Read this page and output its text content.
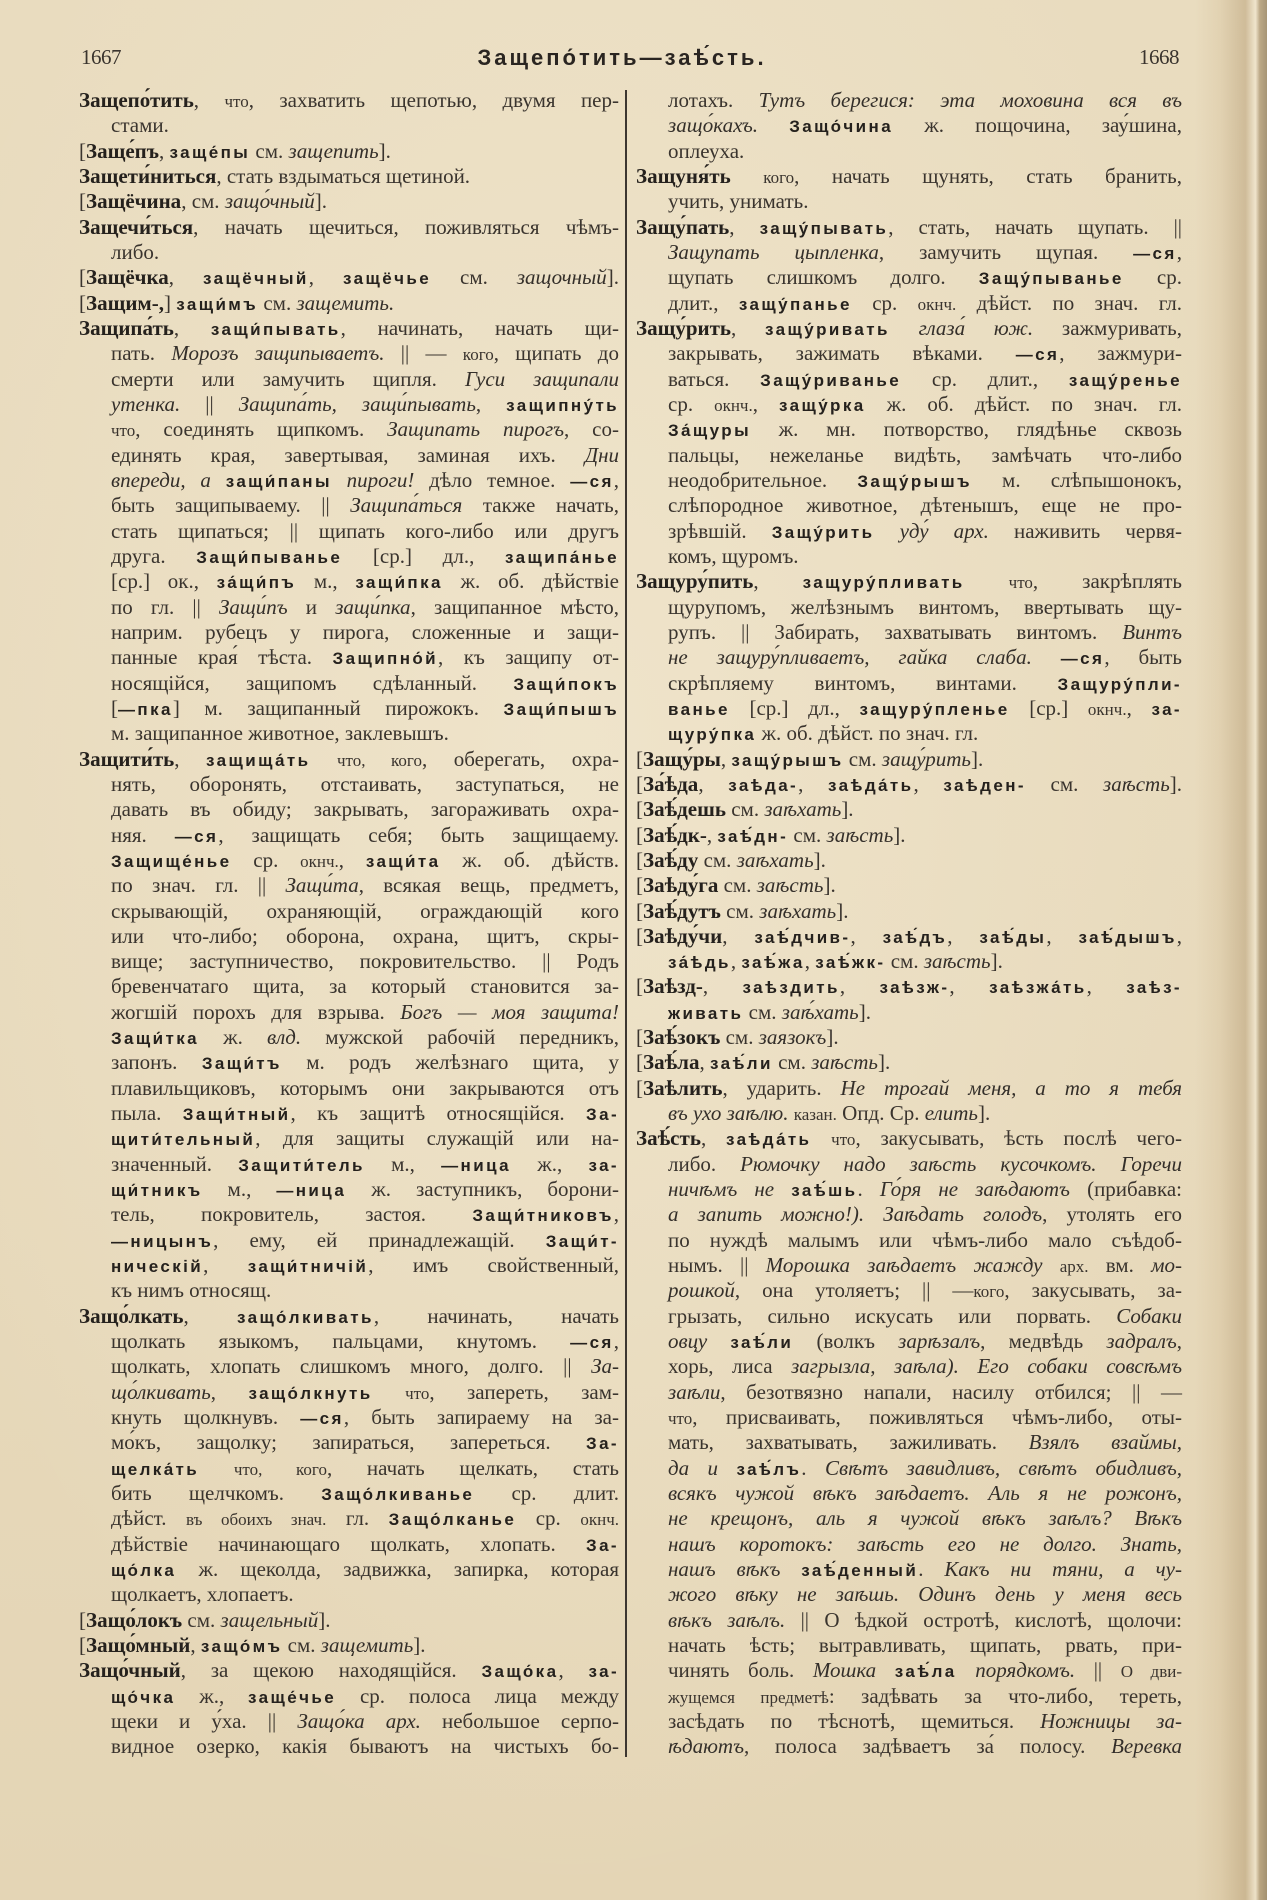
1667	Защепо́тить—заѣ́сть.	1668
Защепо́тить, что, захватить щепотью, двумя пер-
стами.
[Заще́пъ, заще́пы см. защепить].
Защети́ниться, стать вздыматься щетиной.
[Защёчина, см. защо́чный].
Защечи́ться, начать щечиться, поживляться чѣмъ-
либо.
[Защёчка, защёчный, защёчье см. защочный].
[Защим-,] защи́мъ см. защемить.
Защипа́ть, защи́пывать, начинать, начать щи-
пать. Морозъ защипываетъ. || — кого, щипать до
смерти или замучить щипля. Гуси защипали
утенка. || Защипа́ть, защи́пывать, защипну́ть
что, соединять щипкомъ. Защипать пирогъ, со-
единять края, завертывая, заминая ихъ. Дни
впереди, а защи́паны пироги! дѣло темное. —ся,
быть защипываему. || Защипа́ться также начать,
стать щипаться; || щипать кого-либо или другъ
друга. Защи́пыванье [ср.] дл., защипа́нье
[ср.] ок., за́щи́пъ м., защи́пка ж. об. дѣйствіе
по гл. || Защи́пъ и защи́пка, защипанное мѣсто,
наприм. рубецъ у пирога, сложенные и защи-
панные края́ тѣста. Защипно́й, къ защипу от-
носящійся, защипомъ сдѣланный. Защи́покъ
[—пка] м. защипанный пирожокъ. Защи́пышъ
м. защипанное животное, заклевышъ.
Защити́ть, защища́ть что, кого, оберегать, охра-
нять, оборонять, отстаивать, заступаться, не
давать въ обиду; закрывать, загораживать охра-
няя. —ся, защищать себя; быть защищаему.
Защище́нье ср. окнч., защи́та ж. об. дѣйств.
по знач. гл. || Защи́та, всякая вещь, предметъ,
скрывающій, охраняющій, ограждающій кого
или что-либо; оборона, охрана, щитъ, скры-
вище; заступничество, покровительство. || Родъ
бревенчатаго щита, за который становится за-
жогшій порохъ для взрыва. Богъ — моя защита!
Защи́тка ж. влд. мужской рабочій передникъ,
запонъ. Защи́тъ м. родъ желѣзнаго щита, у
плавильщиковъ, которымъ они закрываются отъ
пыла. Защи́тный, къ защитѣ относящійся. За-
щити́тельный, для защиты служащій или на-
значенный. Защити́тель м., —ница ж., за-
щи́тникъ м., —ница ж. заступникъ, борони-
тель, покровитель, застоя. Защи́тниковъ,
—ницынъ, ему, ей принадлежащій. Защи́т-
ническій, защи́тничій, имъ свойственный,
къ нимъ относящ.
Защо́лкать, защо́лкивать, начинать, начать
щолкать языкомъ, пальцами, кнутомъ. —ся,
щолкать, хлопать слишкомъ много, долго. || За-
що́лкивать, защо́лкнуть что, запереть, зам-
кнуть щолкнувъ. —ся, быть запираему на за-
мо́къ, защолку; запираться, запереться. За-
щелка́ть что, кого, начать щелкать, стать
бить щелчкомъ. Защо́лкиванье ср. длит.
дѣйст. въ обоихъ знач. гл. Защо́лканье ср. окнч.
дѣйствіе начинающаго щолкать, хлопать. За-
що́лка ж. щеколда, задвижка, запирка, которая
щолкаетъ, хлопаетъ.
[Защо́локъ см. защельный].
[Защо́мный, защо́мъ см. защемить].
Защо́чный, за щекою находящійся. Защо́ка, за-
що́чка ж., заще́чье ср. полоса лица между
щеки и у́ха. || Защо́ка арх. небольшое серпо-
видное озерко, какія бываютъ на чистыхъ бо-
лотахъ. Тутъ берегися: эта моховина вся въ
защо́кахъ. Защо́чина ж. пощочина, зау́шина,
оплеуха.
Защуня́ть кого, начать щунять, стать бранить,
учить, унимать.
Защу́пать, защу́пывать, стать, начать щупать. ||
Защупать цыпленка, замучить щупая. —ся,
щупать слишкомъ долго. Защу́пыванье ср.
длит., защу́панье ср. окнч. дѣйст. по знач. гл.
Защу́рить, защу́ривать глаза́ юж. зажмуривать,
закрывать, зажимать вѣками. —ся, зажмури-
ваться. Защу́риванье ср. длит., защу́ренье
ср. окнч., защу́рка ж. об. дѣйст. по знач. гл.
За́щуры ж. мн. потворство, глядѣнье сквозь
пальцы, нежеланье видѣть, замѣчать что-либо
неодобрительное. Защу́рышъ м. слѣпышонокъ,
слѣпородное животное, дѣтенышъ, еще не про-
зрѣвшій. Защу́рить уду́ арх. наживить червя-
комъ, щуромъ.
Защуру́пить, защуру́пливать	что, закрѣплять
щурупомъ, желѣзнымъ винтомъ, ввертывать щу-
рупъ. || Забирать, захватывать винтомъ. Винтъ
не защуру́пливаетъ, гайка слаба. —ся, быть
скрѣпляему винтомъ, винтами. Защуру́пли-
ванье [ср.] дл., защуру́пленье [ср.] окнч., за-
щуру́пка ж. об. дѣйст. по знач. гл.
[Защу́ры, защу́рышъ см. защу́рить].
[За́ѣда, заѣда-, заѣда́ть, заѣден- см. заѣсть].
[Заѣ́дешь см. заѣхать].
[Заѣ́дк-, заѣ́дн- см. заѣсть].
[Заѣ́ду см. заѣхать].
[Заѣду́га см. заѣсть].
[Заѣ́дутъ см. заѣхать].
[Заѣду́чи, заѣ́дчив-, заѣ́дъ, заѣ́ды, заѣ́дышъ,
за́ѣдь, заѣ́жа, заѣ́жк- см. заѣсть].
[Заѣзд-, заѣздить, заѣзж-, заѣзжа́ть, заѣз-
живать см. заѣ́хать].
[Заѣ́зокъ см. заязокъ].
[Заѣ́ла, заѣ́ли см. заѣсть].
[Заѣлить, ударить. Не трогай меня, а то я тебя
въ ухо заѣлю. казан. Опд. Ср. елить].
Заѣ́сть, заѣда́ть что, закусывать, ѣсть послѣ чего-
либо. Рюмочку надо заѣсть кусочкомъ. Горечи
ничѣмъ не заѣ́шь. Го́ря не заѣдаютъ (прибавка:
а запить можно!). Заѣдать голодъ, утолять его
по нуждѣ малымъ или чѣмъ-либо мало съѣдоб-
нымъ. || Морошка заѣдаетъ жажду арх. вм. мо-
рошкой, она утоляетъ; || —кого, закусывать, за-
грызать, сильно искусать или порвать. Собаки
овцу заѣ́ли (волкъ зарѣзалъ, медвѣдь задралъ,
хорь, лиса загрызла, заѣла). Его собаки совсѣмъ
заѣли, безотвязно напали, насилу отбился; || —
что, присваивать, поживляться чѣмъ-либо, оты-
мать, захватывать, зажиливать. Взялъ взаймы,
да и заѣ́лъ. Свѣтъ завидливъ, свѣтъ обидливъ,
всякъ чужой вѣкъ заѣдаетъ. Аль я не рожонъ,
не крещонъ, аль я чужой вѣкъ заѣлъ? Вѣкъ
нашъ коротокъ: заѣсть его не долго. Знать,
нашъ вѣкъ заѣ́денный. Какъ ни тяни, а чу-
жого вѣку не заѣшь. Одинъ день у меня весь
вѣкъ заѣлъ. || О ѣдкой остротѣ, кислотѣ, щолочи:
начать ѣсть; вытравливать, щипать, рвать, при-
чинять боль. Мошка заѣ́ла порядкомъ. || О дви-
жущемся предметѣ: задѣвать за что-либо, тереть,
засѣдать по тѣснотѣ, щемиться. Ножницы за-
ѣдаютъ, полоса задѣваетъ за́ полосу. Веревка
